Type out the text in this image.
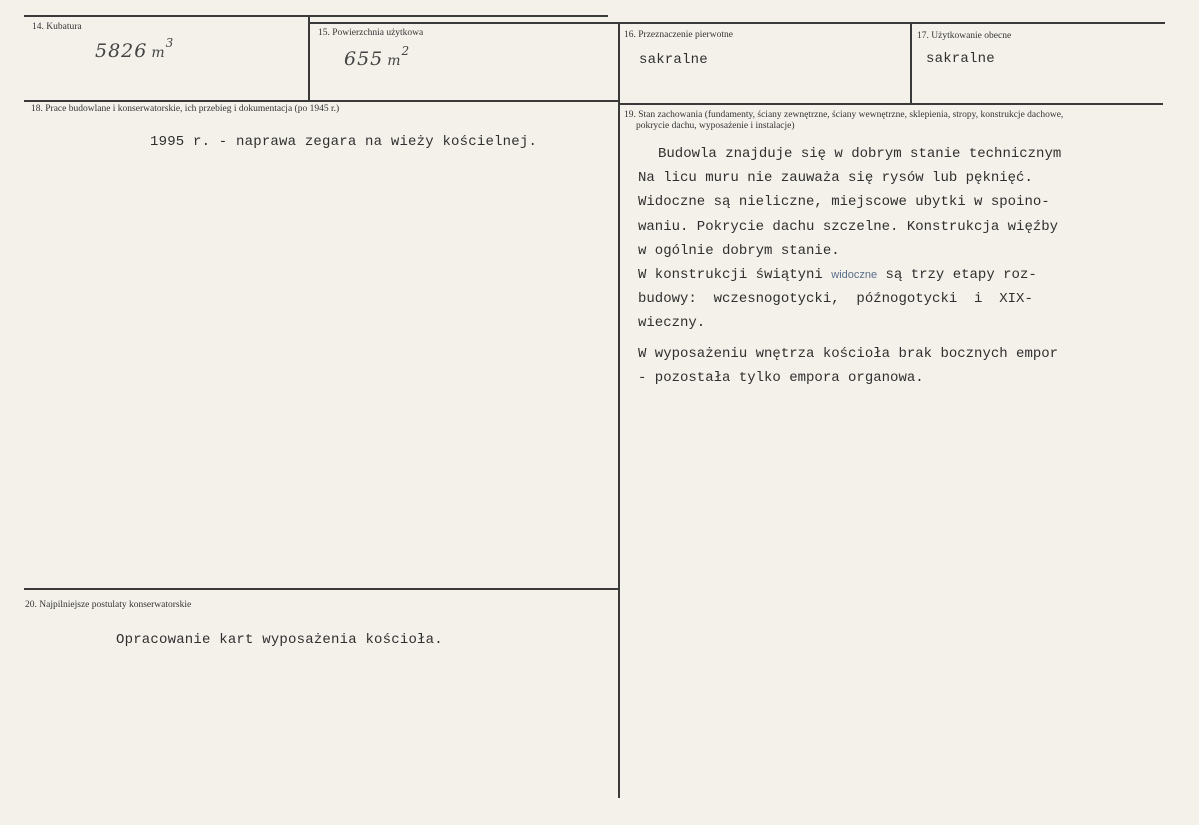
14. Kubatura
5826 $m^3$
15. Powierzchnia użytkowa
655 $m^2$
16. Przeznaczenie pierwotne
sakralne
17. Użytkowanie obecne
sakralne
18. Prace budowlane i konserwatorskie, ich przebieg i dokumentacja (po 1945 r.)
1995 r. - naprawa zegara na wieży kościelnej.
19. Stan zachowania (fundamenty, ściany zewnętrzne, ściany wewnętrzne, sklepienia, stropy, konstrukcje dachowe,
pokrycie dachu, wyposażenie i instalacje)

Budowla znajduje się w dobrym stanie technicznym

Na licu muru nie zauważa się rysów lub pęknięć.

Widoczne są nieliczne, miejscowe ubytki w spoino-

waniu. Pokrycie dachu szczelne. Konstrukcja więźby

w ogólnie dobrym stanie.

W konstrukcji świątyni widoczne są trzy etapy roz-

budowy:  wczesnogotycki,  późnogotycki  i  XIX-

wieczny.

W wyposażeniu wnętrza kościoła brak bocznych empor

- pozostała tylko empora organowa.

20. Najpilniejsze postulaty konserwatorskie
Opracowanie kart wyposażenia kościoła.
